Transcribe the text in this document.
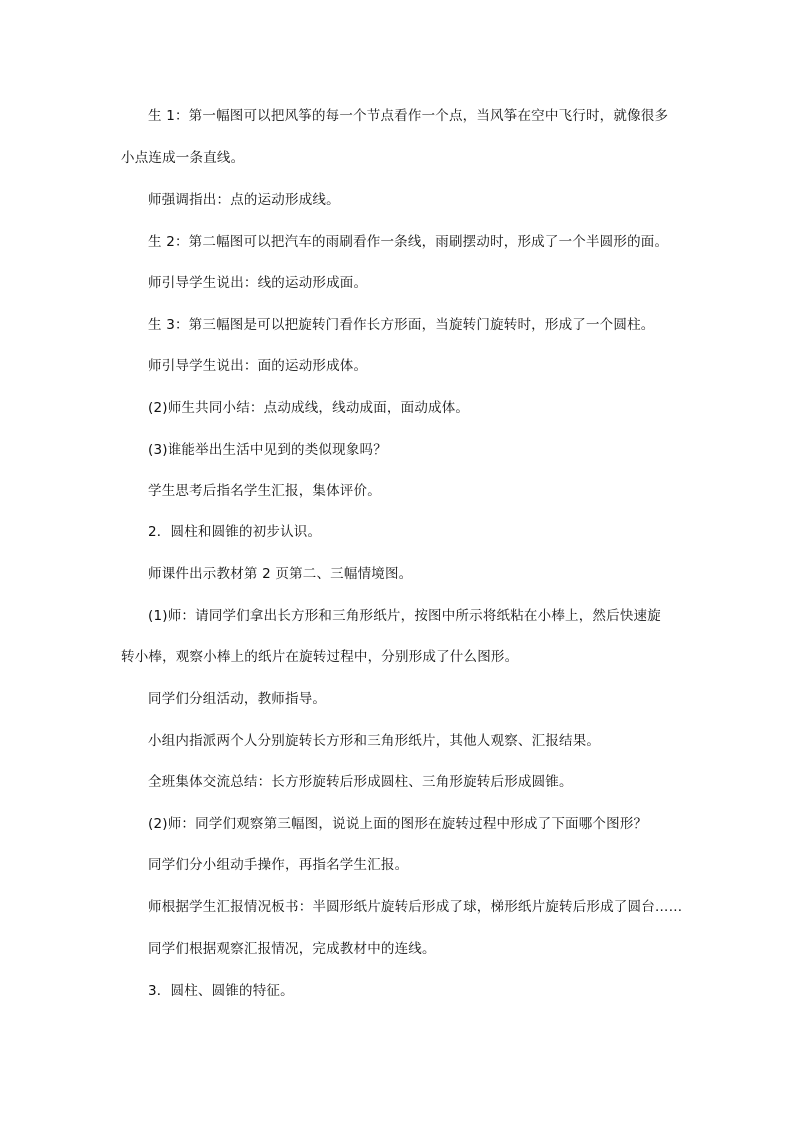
生 1：第一幅图可以把风筝的每一个节点看作一个点，当风筝在空中飞行时，就像很多
小点连成一条直线。
师强调指出：点的运动形成线。
生 2：第二幅图可以把汽车的雨刷看作一条线，雨刷摆动时，形成了一个半圆形的面。
师引导学生说出：线的运动形成面。
生 3：第三幅图是可以把旋转门看作长方形面，当旋转门旋转时，形成了一个圆柱。
师引导学生说出：面的运动形成体。
(2)师生共同小结：点动成线，线动成面，面动成体。
(3)谁能举出生活中见到的类似现象吗？
学生思考后指名学生汇报，集体评价。
2．圆柱和圆锥的初步认识。
师课件出示教材第 2 页第二、三幅情境图。
(1)师：请同学们拿出长方形和三角形纸片，按图中所示将纸粘在小棒上，然后快速旋
转小棒，观察小棒上的纸片在旋转过程中，分别形成了什么图形。
同学们分组活动，教师指导。
小组内指派两个人分别旋转长方形和三角形纸片，其他人观察、汇报结果。
全班集体交流总结：长方形旋转后形成圆柱、三角形旋转后形成圆锥。
(2)师：同学们观察第三幅图，说说上面的图形在旋转过程中形成了下面哪个图形？
同学们分小组动手操作，再指名学生汇报。
师根据学生汇报情况板书：半圆形纸片旋转后形成了球，梯形纸片旋转后形成了圆台……
同学们根据观察汇报情况，完成教材中的连线。
3．圆柱、圆锥的特征。
